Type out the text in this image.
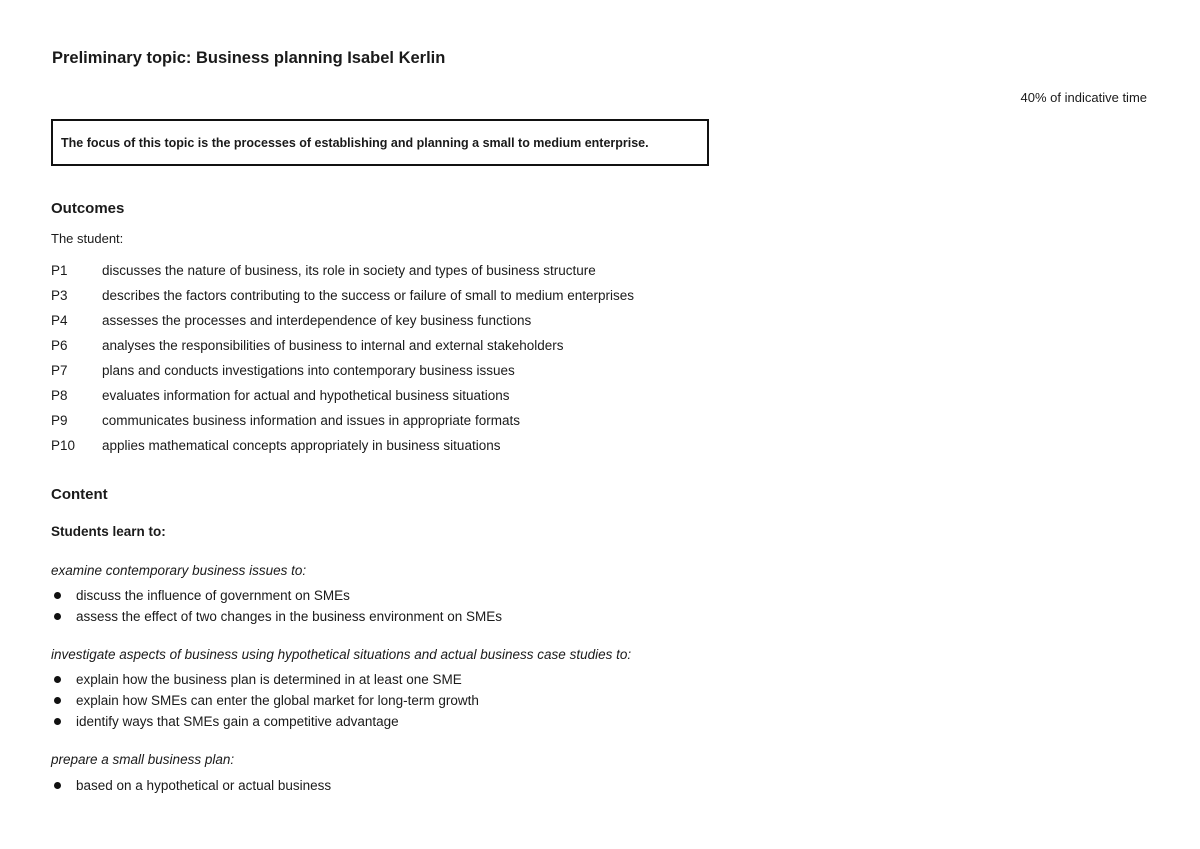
Preliminary topic: Business planning Isabel Kerlin
40% of indicative time
The focus of this topic is the processes of establishing and planning a small to medium enterprise.
Outcomes
The student:
P1	discusses the nature of business, its role in society and types of business structure
P3	describes the factors contributing to the success or failure of small to medium enterprises
P4	assesses the processes and interdependence of key business functions
P6	analyses the responsibilities of business to internal and external stakeholders
P7	plans and conducts investigations into contemporary business issues
P8	evaluates information for actual and hypothetical business situations
P9	communicates business information and issues in appropriate formats
P10	applies mathematical concepts appropriately in business situations
Content
Students learn to:
examine contemporary business issues to:
discuss the influence of government on SMEs
assess the effect of two changes in the business environment on SMEs
investigate aspects of business using hypothetical situations and actual business case studies to:
explain how the business plan is determined in at least one SME
explain how SMEs can enter the global market for long-term growth
identify ways that SMEs gain a competitive advantage
prepare a small business plan:
based on a hypothetical or actual business
